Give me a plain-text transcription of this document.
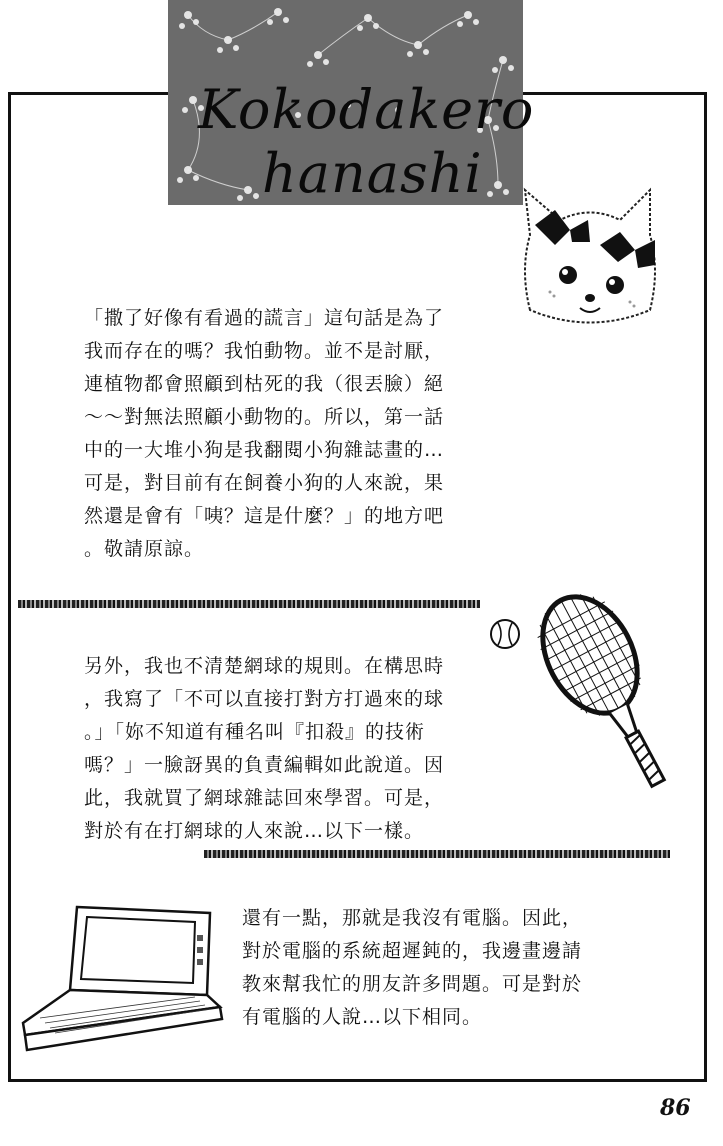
Kokodakero
hanashi

「撒了好像有看過的謊言」這句話是為了

我而存在的嗎？我怕動物。並不是討厭，

連植物都會照顧到枯死的我（很丟臉）絕

～～對無法照顧小動物的。所以，第一話

中的一大堆小狗是我翻閱小狗雜誌畫的…

可是，對目前有在飼養小狗的人來說，果

然還是會有「咦？這是什麼？」的地方吧

。敬請原諒。

另外，我也不清楚網球的規則。在構思時

，我寫了「不可以直接打對方打過來的球

。」「妳不知道有種名叫『扣殺』的技術

嗎？」一臉訝異的負責編輯如此說道。因

此，我就買了網球雜誌回來學習。可是，

對於有在打網球的人來說…以下一樣。

還有一點，那就是我沒有電腦。因此，

對於電腦的系統超遲鈍的，我邊畫邊請

教來幫我忙的朋友許多問題。可是對於

有電腦的人說…以下相同。

86
